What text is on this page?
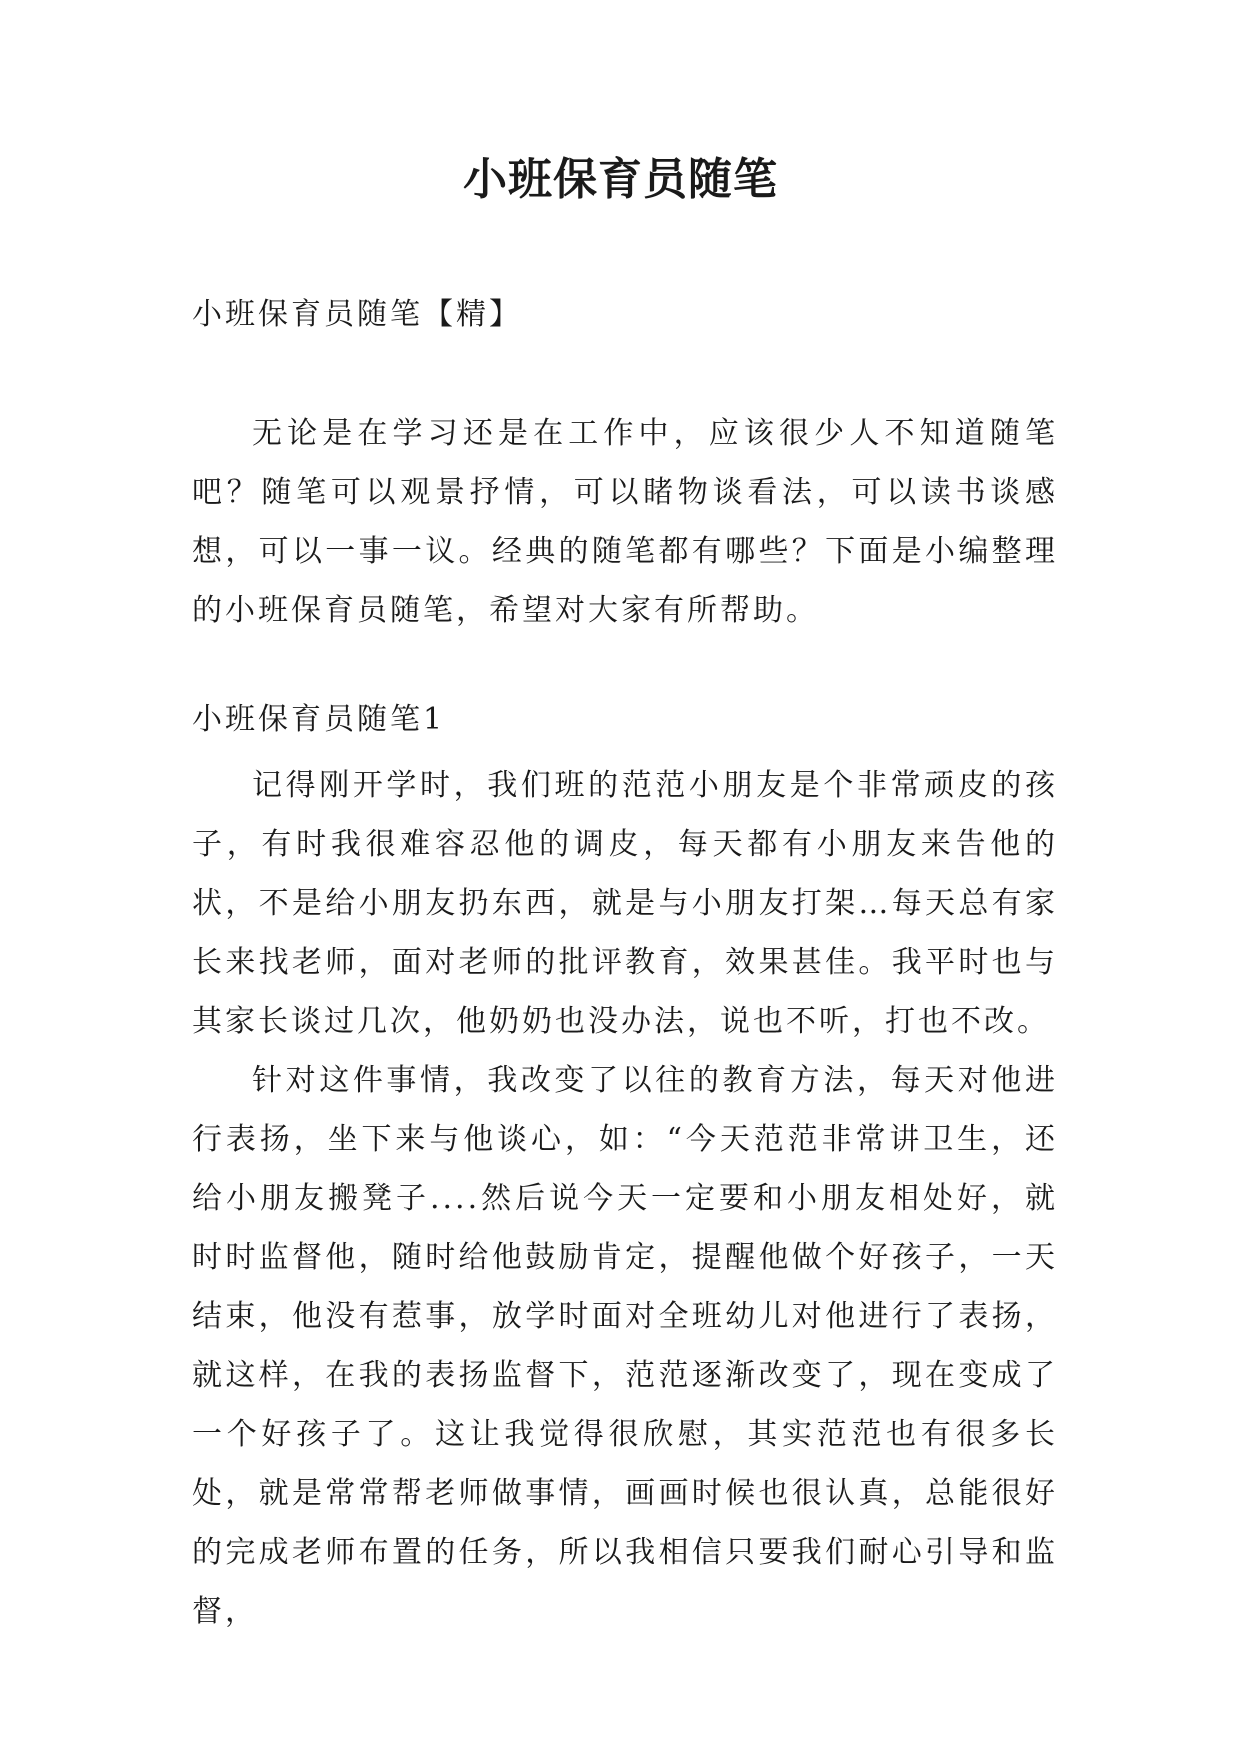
小班保育员随笔

小班保育员随笔【精】

无论是在学习还是在工作中，应该很少人不知道随笔吧？随笔可以观景抒情，可以睹物谈看法，可以读书谈感想，可以一事一议。经典的随笔都有哪些？下面是小编整理的小班保育员随笔，希望对大家有所帮助。

小班保育员随笔1

记得刚开学时，我们班的范范小朋友是个非常顽皮的孩子，有时我很难容忍他的调皮，每天都有小朋友来告他的状，不是给小朋友扔东西，就是与小朋友打架…每天总有家长来找老师，面对老师的批评教育，效果甚佳。我平时也与其家长谈过几次，他奶奶也没办法，说也不听，打也不改。

针对这件事情，我改变了以往的教育方法，每天对他进行表扬，坐下来与他谈心，如：“今天范范非常讲卫生，还给小朋友搬凳子....然后说今天一定要和小朋友相处好，就时时监督他，随时给他鼓励肯定，提醒他做个好孩子，一天结束，他没有惹事，放学时面对全班幼儿对他进行了表扬，就这样，在我的表扬监督下，范范逐渐改变了，现在变成了一个好孩子了。这让我觉得很欣慰，其实范范也有很多长处，就是常常帮老师做事情，画画时候也很认真，总能很好的完成老师布置的任务，所以我相信只要我们耐心引导和监督，
